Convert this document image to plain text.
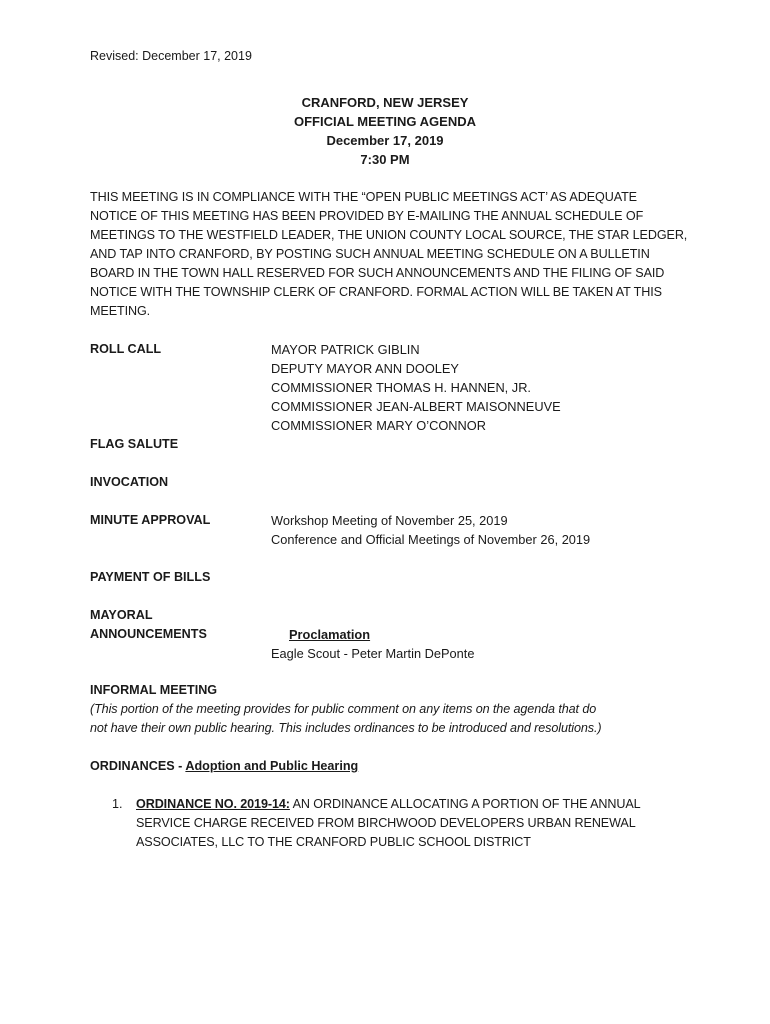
Revised: December 17, 2019
CRANFORD, NEW JERSEY
OFFICIAL MEETING AGENDA
December 17, 2019
7:30 PM
THIS MEETING IS IN COMPLIANCE WITH THE “OPEN PUBLIC MEETINGS ACT’ AS ADEQUATE
NOTICE OF THIS MEETING HAS BEEN PROVIDED BY E-MAILING THE ANNUAL SCHEDULE OF
MEETINGS TO THE WESTFIELD LEADER, THE UNION COUNTY LOCAL SOURCE, THE STAR LEDGER,
AND TAP INTO CRANFORD, BY POSTING SUCH ANNUAL MEETING SCHEDULE ON A BULLETIN
BOARD IN THE TOWN HALL RESERVED FOR SUCH ANNOUNCEMENTS AND THE FILING OF SAID
NOTICE WITH THE TOWNSHIP CLERK OF CRANFORD. FORMAL ACTION WILL BE TAKEN AT THIS
MEETING.
ROLL CALL	MAYOR PATRICK GIBLIN
DEPUTY MAYOR ANN DOOLEY
COMMISSIONER THOMAS H. HANNEN, JR.
COMMISSIONER JEAN-ALBERT MAISONNEUVE
COMMISSIONER MARY O’CONNOR
FLAG SALUTE
INVOCATION
MINUTE APPROVAL	Workshop Meeting of November 25, 2019
Conference and Official Meetings of November 26, 2019
PAYMENT OF BILLS
MAYORAL
ANNOUNCEMENTS	Proclamation
Eagle Scout - Peter Martin DePonte
INFORMAL MEETING
(This portion of the meeting provides for public comment on any items on the agenda that do
not have their own public hearing. This includes ordinances to be introduced and resolutions.)
ORDINANCES - Adoption and Public Hearing
1. ORDINANCE NO. 2019-14: AN ORDINANCE ALLOCATING A PORTION OF THE ANNUAL
SERVICE CHARGE RECEIVED FROM BIRCHWOOD DEVELOPERS URBAN RENEWAL
ASSOCIATES, LLC TO THE CRANFORD PUBLIC SCHOOL DISTRICT
